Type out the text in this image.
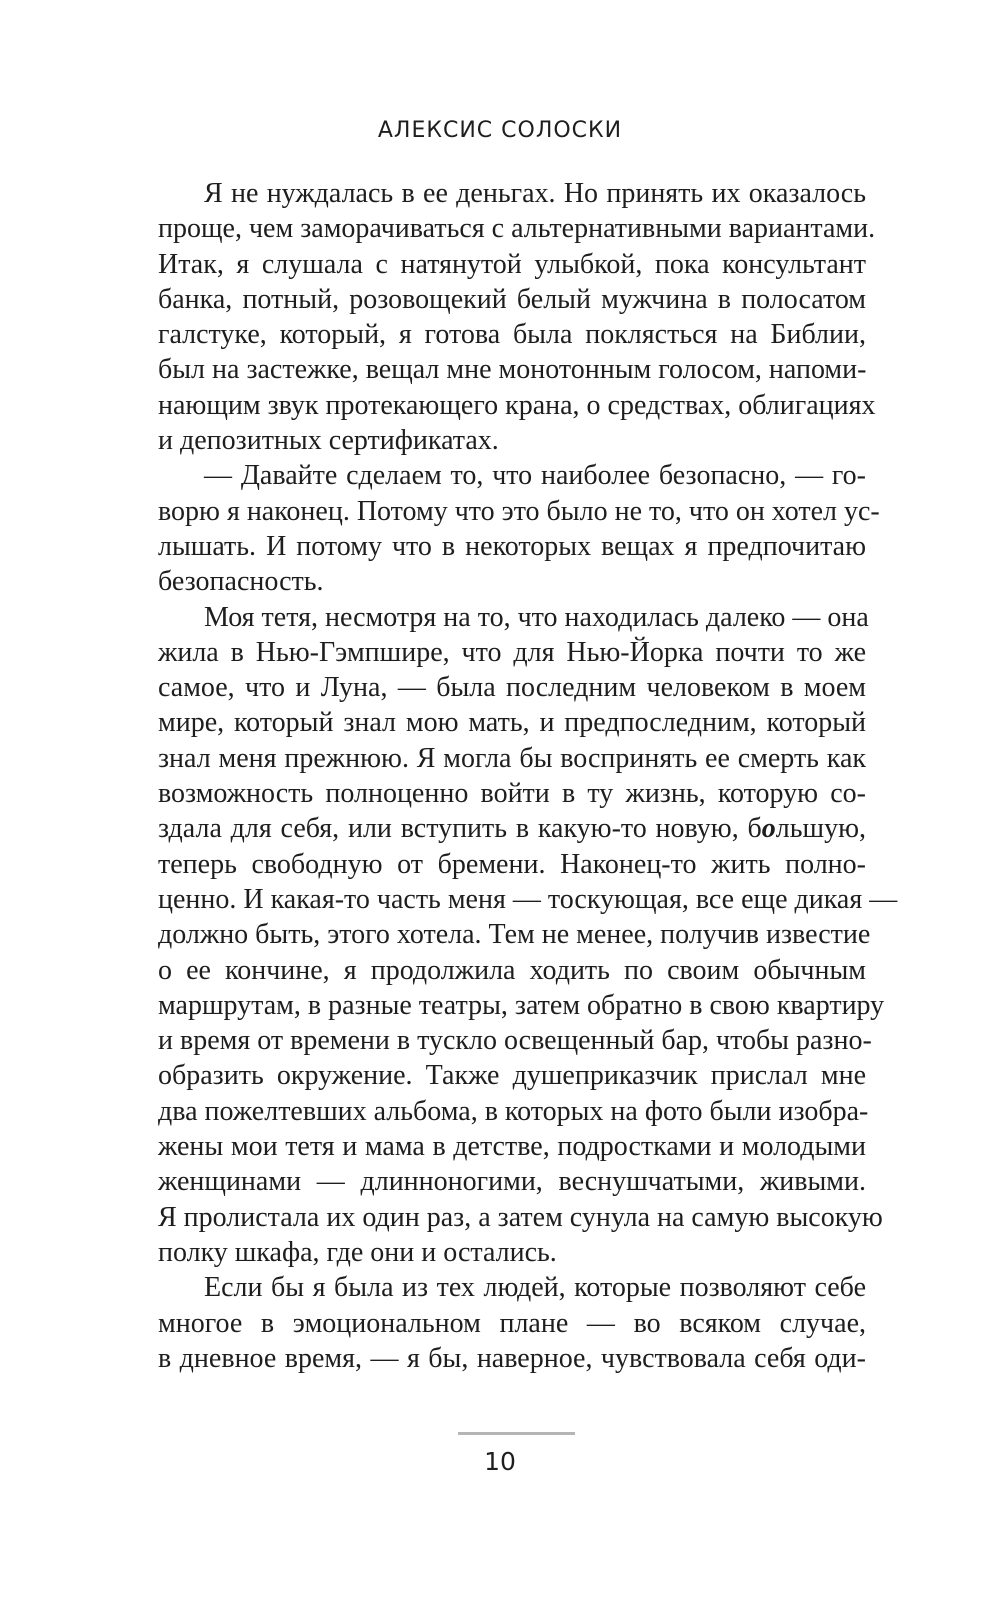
АЛЕКСИС СОЛОСКИ
Я не нуждалась в ее деньгах. Но принять их оказалось
проще, чем заморачиваться с альтернативными вариантами.
Итак, я слушала с натянутой улыбкой, пока консультант
банка, потный, розовощекий белый мужчина в полосатом
галстуке, который, я готова была поклясться на Библии,
был на застежке, вещал мне монотонным голосом, напоми-
нающим звук протекающего крана, о средствах, облигациях
и депозитных сертификатах.
— Давайте сделаем то, что наиболее безопасно, — го-
ворю я наконец. Потому что это было не то, что он хотел ус-
лышать. И потому что в некоторых вещах я предпочитаю
безопасность.
Моя тетя, несмотря на то, что находилась далеко — она
жила в Нью-Гэмпшире, что для Нью-Йорка почти то же
самое, что и Луна, — была последним человеком в моем
мире, который знал мою мать, и предпоследним, который
знал меня прежнюю. Я могла бы воспринять ее смерть как
возможность полноценно войти в ту жизнь, которую со-
здала для себя, или вступить в какую-то новую, большую,
теперь свободную от бремени. Наконец-то жить полно-
ценно. И какая-то часть меня — тоскующая, все еще дикая —
должно быть, этого хотела. Тем не менее, получив известие
о ее кончине, я продолжила ходить по своим обычным
маршрутам, в разные театры, затем обратно в свою квартиру
и время от времени в тускло освещенный бар, чтобы разно-
образить окружение. Также душеприказчик прислал мне
два пожелтевших альбома, в которых на фото были изобра-
жены мои тетя и мама в детстве, подростками и молодыми
женщинами — длинноногими, веснушчатыми, живыми.
Я пролистала их один раз, а затем сунула на самую высокую
полку шкафа, где они и остались.
Если бы я была из тех людей, которые позволяют себе
многое в эмоциональном плане — во всяком случае,
в дневное время, — я бы, наверное, чувствовала себя оди-
10
